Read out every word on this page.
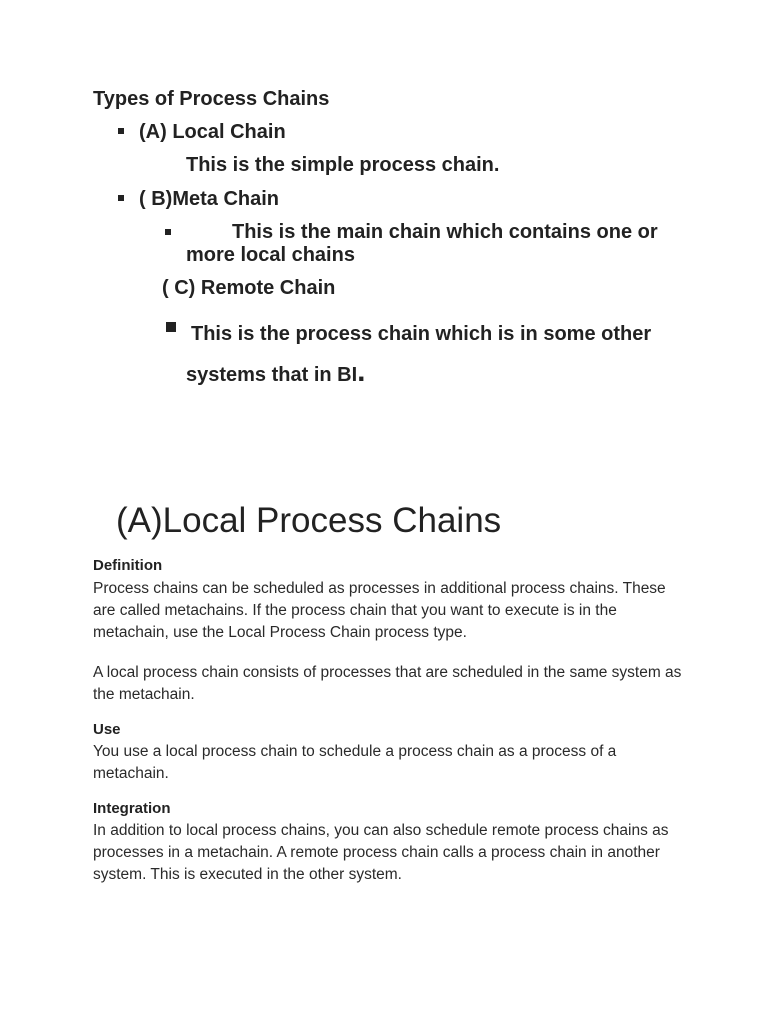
Types of Process Chains
(A) Local Chain
This is the simple process chain.
( B)Meta Chain
This is the main chain which contains one or
more local chains
( C) Remote Chain
This is the process chain which is in some other
systems that in BI.
(A)Local Process Chains
Definition
Process chains can be scheduled as processes in additional process chains. These are called metachains. If the process chain that you want to execute is in the metachain, use the Local Process Chain process type.
A local process chain consists of processes that are scheduled in the same system as the metachain.
Use
You use a local process chain to schedule a process chain as a process of a metachain.
Integration
In addition to local process chains, you can also schedule remote process chains as processes in a metachain. A remote process chain calls a process chain in another system. This is executed in the other system.
